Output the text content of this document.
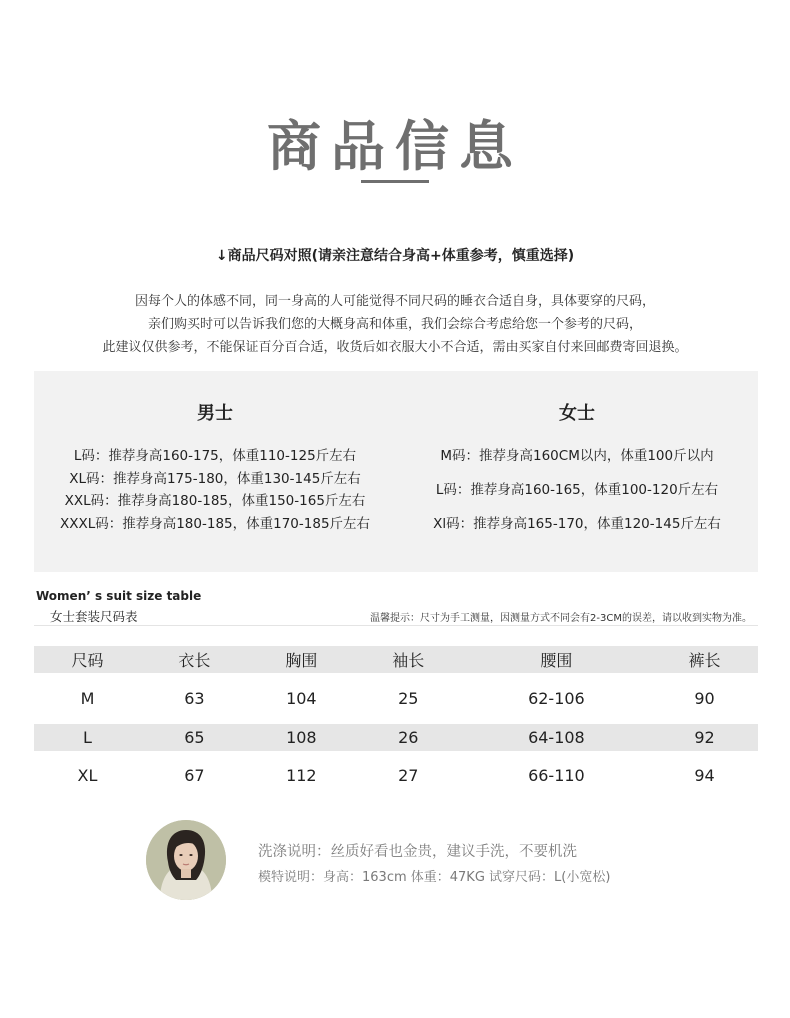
商品信息
↓商品尺码对照(请亲注意结合身高+体重参考，慎重选择)
因每个人的体感不同，同一身高的人可能觉得不同尺码的睡衣合适自身，具体要穿的尺码，
亲们购买时可以告诉我们您的大概身高和体重，我们会综合考虑给您一个参考的尺码，
此建议仅供参考，不能保证百分百合适，收货后如衣服大小不合适，需由买家自付来回邮费寄回退换。
男士
L码：推荐身高160-175，体重110-125斤左右
XL码：推荐身高175-180，体重130-145斤左右
XXL码：推荐身高180-185，体重150-165斤左右
XXXL码：推荐身高180-185，体重170-185斤左右
女士
M码：推荐身高160CM以内，体重100斤以内
L码：推荐身高160-165，体重100-120斤左右
Xl码：推荐身高165-170，体重120-145斤左右
Women’ s suit size table
女士套装尺码表	温馨提示：尺寸为手工测量，因测量方式不同会有2-3CM的误差，请以收到实物为准。
尺码	衣长	胸围	袖长	腰围	裤长
M	63	104	25	62-106	90
L	65	108	26	64-108	92
XL	67	112	27	66-110	94
洗涤说明：丝质好看也金贵，建议手洗，不要机洗
模特说明：身高：163cm 体重：47KG 试穿尺码：L(小宽松)
